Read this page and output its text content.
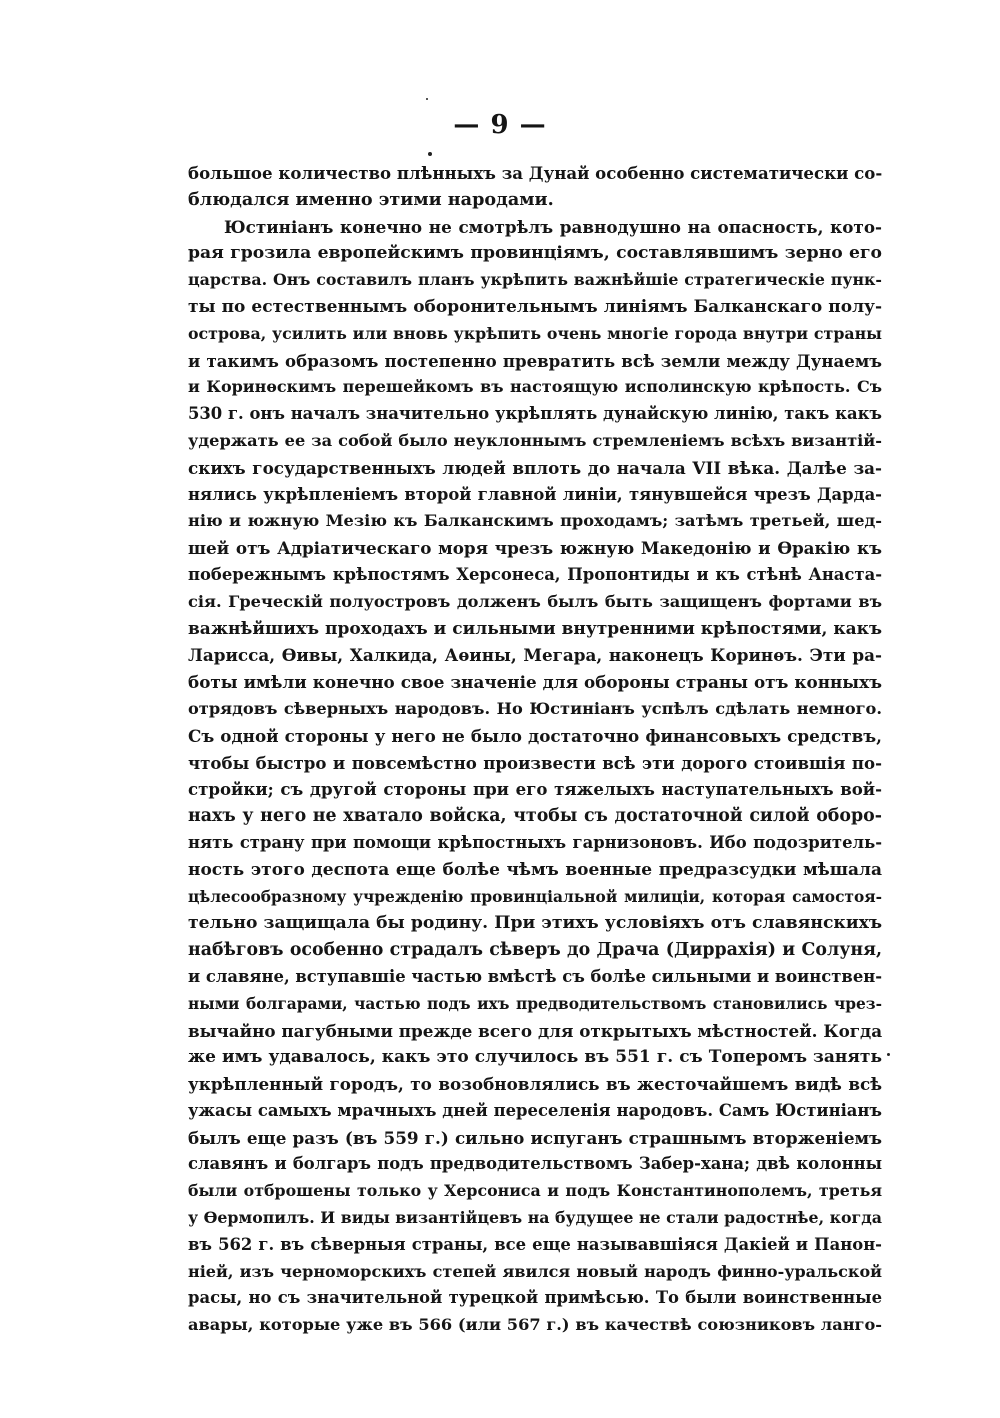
— 9 —
большое количество плѣнныхъ за Дунай особенно систематически со-
блюдался именно этими народами.
Юстиніанъ конечно не смотрѣлъ равнодушно на опасность, кото-
рая грозила европейскимъ провинціямъ, составлявшимъ зерно его
царства. Онъ составилъ планъ укрѣпить важнѣйшіе стратегическіе пунк-
ты по естественнымъ оборонительнымъ линіямъ Балканскаго полу-
острова, усилить или вновь укрѣпить очень многіе города внутри страны
и такимъ образомъ постепенно превратить всѣ земли между Дунаемъ
и Коринѳскимъ перешейкомъ въ настоящую исполинскую крѣпость. Съ
530 г. онъ началъ значительно укрѣплять дунайскую линію, такъ какъ
удержать ее за собой было неуклоннымъ стремленіемъ всѣхъ византій-
скихъ государственныхъ людей вплоть до начала VII вѣка. Далѣе за-
нялись укрѣпленіемъ второй главной линіи, тянувшейся чрезъ Дарда-
нію и южную Мезію къ Балканскимъ проходамъ; затѣмъ третьей, шед-
шей отъ Адріатическаго моря чрезъ южную Македонію и Ѳракію къ
побережнымъ крѣпостямъ Херсонеса, Пропонтиды и къ стѣнѣ Анаста-
сія. Греческій полуостровъ долженъ былъ быть защищенъ фортами въ
важнѣйшихъ проходахъ и сильными внутренними крѣпостями, какъ
Ларисса, Ѳивы, Халкида, Аѳины, Мегара, наконецъ Коринѳъ. Эти ра-
боты имѣли конечно свое значеніе для обороны страны отъ конныхъ
отрядовъ сѣверныхъ народовъ. Но Юстиніанъ успѣлъ сдѣлать немного.
Съ одной стороны у него не было достаточно финансовыхъ средствъ,
чтобы быстро и повсемѣстно произвести всѣ эти дорого стоившія по-
стройки; съ другой стороны при его тяжелыхъ наступательныхъ вой-
нахъ у него не хватало войска, чтобы съ достаточной силой оборо-
нять страну при помощи крѣпостныхъ гарнизоновъ. Ибо подозритель-
ность этого деспота еще болѣе чѣмъ военные предразсудки мѣшала
цѣлесообразному учрежденію провинціальной милиціи, которая самостоя-
тельно защищала бы родину. При этихъ условіяхъ отъ славянскихъ
набѣговъ особенно страдалъ сѣверъ до Драча (Диррахія) и Солуня,
и славяне, вступавшіе частью вмѣстѣ съ болѣе сильными и воинствен-
ными болгарами, частью подъ ихъ предводительствомъ становились чрез-
вычайно пагубными прежде всего для открытыхъ мѣстностей. Когда
же имъ удавалось, какъ это случилось въ 551 г. съ Топеромъ занять
укрѣпленный городъ, то возобновлялись въ жесточайшемъ видѣ всѣ
ужасы самыхъ мрачныхъ дней переселенія народовъ. Самъ Юстиніанъ
былъ еще разъ (въ 559 г.) сильно испуганъ страшнымъ вторженіемъ
славянъ и болгаръ подъ предводительствомъ Забер-хана; двѣ колонны
были отброшены только у Херсониса и подъ Константинополемъ, третья
у Ѳермопилъ. И виды византійцевъ на будущее не стали радостнѣе, когда
въ 562 г. въ сѣверныя страны, все еще называвшіяся Дакіей и Панон-
ніей, изъ черноморскихъ степей явился новый народъ финно-уральской
расы, но съ значительной турецкой примѣсью. То были воинственные
авары, которые уже въ 566 (или 567 г.) въ качествѣ союзниковъ ланго-
